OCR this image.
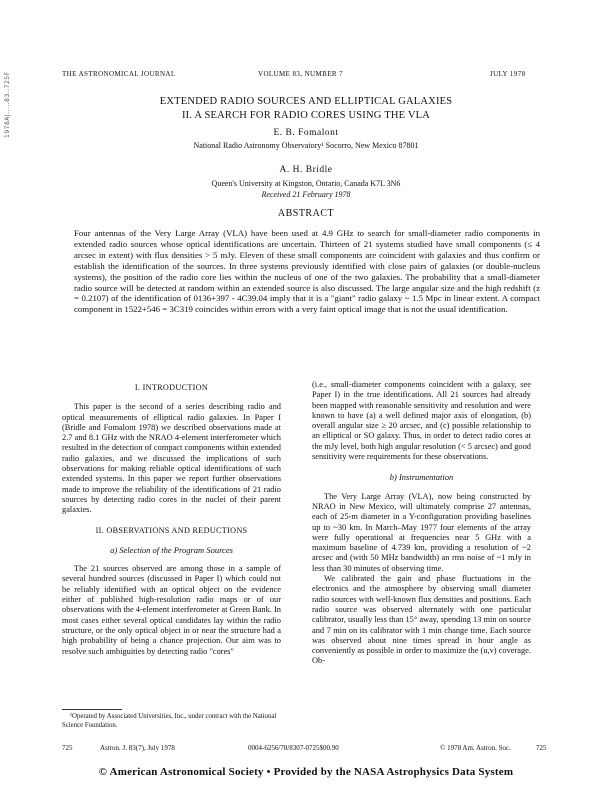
1978AJ.....83..725F	THE ASTRONOMICAL JOURNAL	VOLUME 83, NUMBER 7	JULY 1978
EXTENDED RADIO SOURCES AND ELLIPTICAL GALAXIES
II. A SEARCH FOR RADIO CORES USING THE VLA
E. B. Fomalont
National Radio Astronomy Observatory¹ Socorro, New Mexico 87801
A. H. Bridle
Queen's University at Kingston, Ontario, Canada K7L 3N6
Received 21 February 1978
ABSTRACT
Four antennas of the Very Large Array (VLA) have been used at 4.9 GHz to search for small-diameter radio components in extended radio sources whose optical identifications are uncertain. Thirteen of 21 systems studied have small components (≤ 4 arcsec in extent) with flux densities > 5 mJy. Eleven of these small components are coincident with galaxies and thus confirm or establish the identification of the sources. In three systems previously identified with close pairs of galaxies (or double-nucleus systems), the position of the radio core lies within the nucleus of one of the two galaxies. The probability that a small-diameter radio source will be detected at random within an extended source is also discussed. The large angular size and the high redshift (z = 0.2107) of the identification of 0136+397 - 4C39.04 imply that it is a "giant" radio galaxy ~ 1.5 Mpc in linear extent. A compact component in 1522+546 = 3C319 coincides within errors with a very faint optical image that is not the usual identification.

I. INTRODUCTION

This paper is the second of a series describing radio and optical measurements of elliptical radio galaxies. In Paper I (Bridle and Fomalont 1978) we described observations made at 2.7 and 8.1 GHz with the NRAO 4-element interferometer which resulted in the detection of compact components within extended radio galaxies, and we discussed the implications of such observations for making reliable optical identifications of such extended systems. In this paper we report further observations made to improve the reliability of the identifications of 21 radio sources by detecting radio cores in the nuclei of their parent galaxies.

II. OBSERVATIONS AND REDUCTIONS

a) Selection of the Program Sources

The 21 sources observed are among those in a sample of several hundred sources (discussed in Paper I) which could not be reliably identified with an optical object on the evidence either of published high-resolution radio maps or of our observations with the 4-element interferometer at Green Bank. In most cases either several optical candidates lay within the radio structure, or the only optical object in or near the structure had a high probability of being a chance projection. Our aim was to resolve such ambiguities by detecting radio "cores"

(i.e., small-diameter components coincident with a galaxy, see Paper I) in the true identifications. All 21 sources had already been mapped with reasonable sensitivity and resolution and were known to have (a) a well defined major axis of elongation, (b) overall angular size ≥ 20 arcsec, and (c) possible relationship to an elliptical or SO galaxy. Thus, in order to detect radio cores at the mJy level, both high angular resolution (< 5 arcsec) and good sensitivity were requirements for these observations.

b) Instrumentation

The Very Large Array (VLA), now being constructed by NRAO in New Mexico, will ultimately comprise 27 antennas, each of 25-m diameter in a Y-configuration providing baselines up to ~30 km. In March–May 1977 four elements of the array were fully operational at frequencies near 5 GHz with a maximum baseline of 4.739 km, providing a resolution of ~2 arcsec and (with 50 MHz bandwidth) an rms noise of ~1 mJy in less than 30 minutes of observing time.

We calibrated the gain and phase fluctuations in the electronics and the atmosphere by observing small diameter radio sources with well-known flux densities and positions. Each radio source was observed alternately with one particular calibrator, usually less than 15° away, spending 13 min on source and 7 min on its calibrator with 1 min change time. Each source was observed about nine times spread in hour angle as conveniently as possible in order to maximize the (u,v) coverage. Ob-

¹Operated by Associated Universities, Inc., under contract with the National Science Foundation.
725	Astron. J. 83(7), July 1978	0004-6256/78/8307-0725$00.90	© 1978 Am. Astron. Soc.	725
© American Astronomical Society • Provided by the NASA Astrophysics Data System
